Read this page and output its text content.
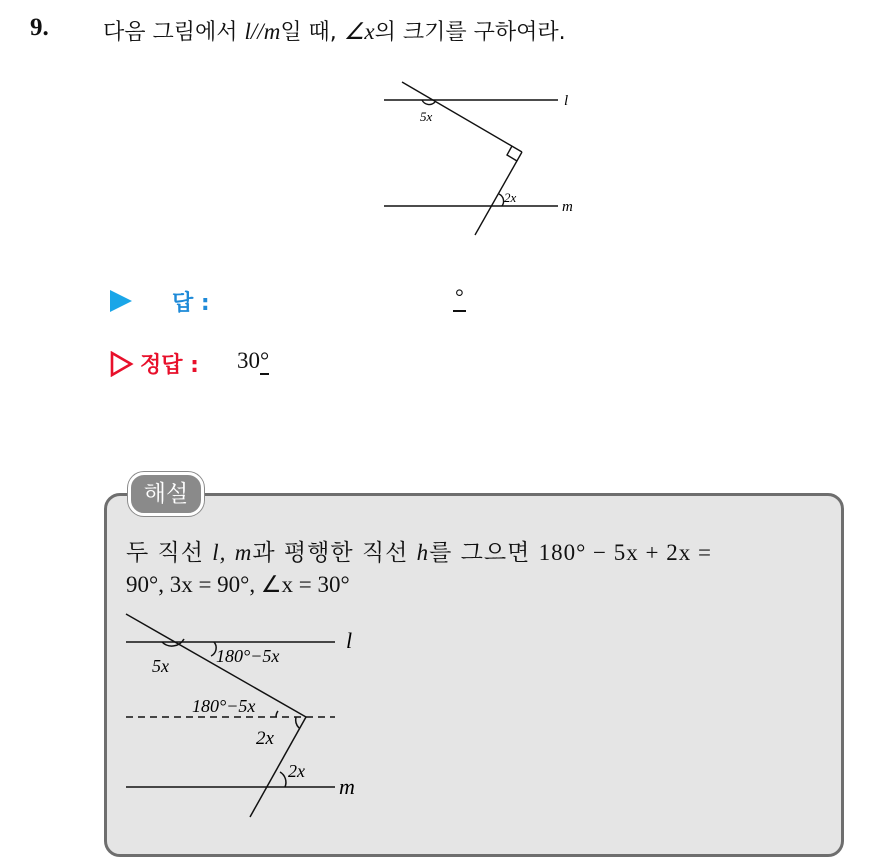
9. 다음 그림에서 l//m일 때, ∠x의 크기를 구하여라.
l
m
5x
2x
답 :	°
정답 : 30°
해설
두 직선 l, m과 평행한 직선 h를 그으면 180° − 5x + 2x =
90°, 3x = 90°, ∠x = 30°
l
m
5x	180°−5x
180°−5x
2x
2x
